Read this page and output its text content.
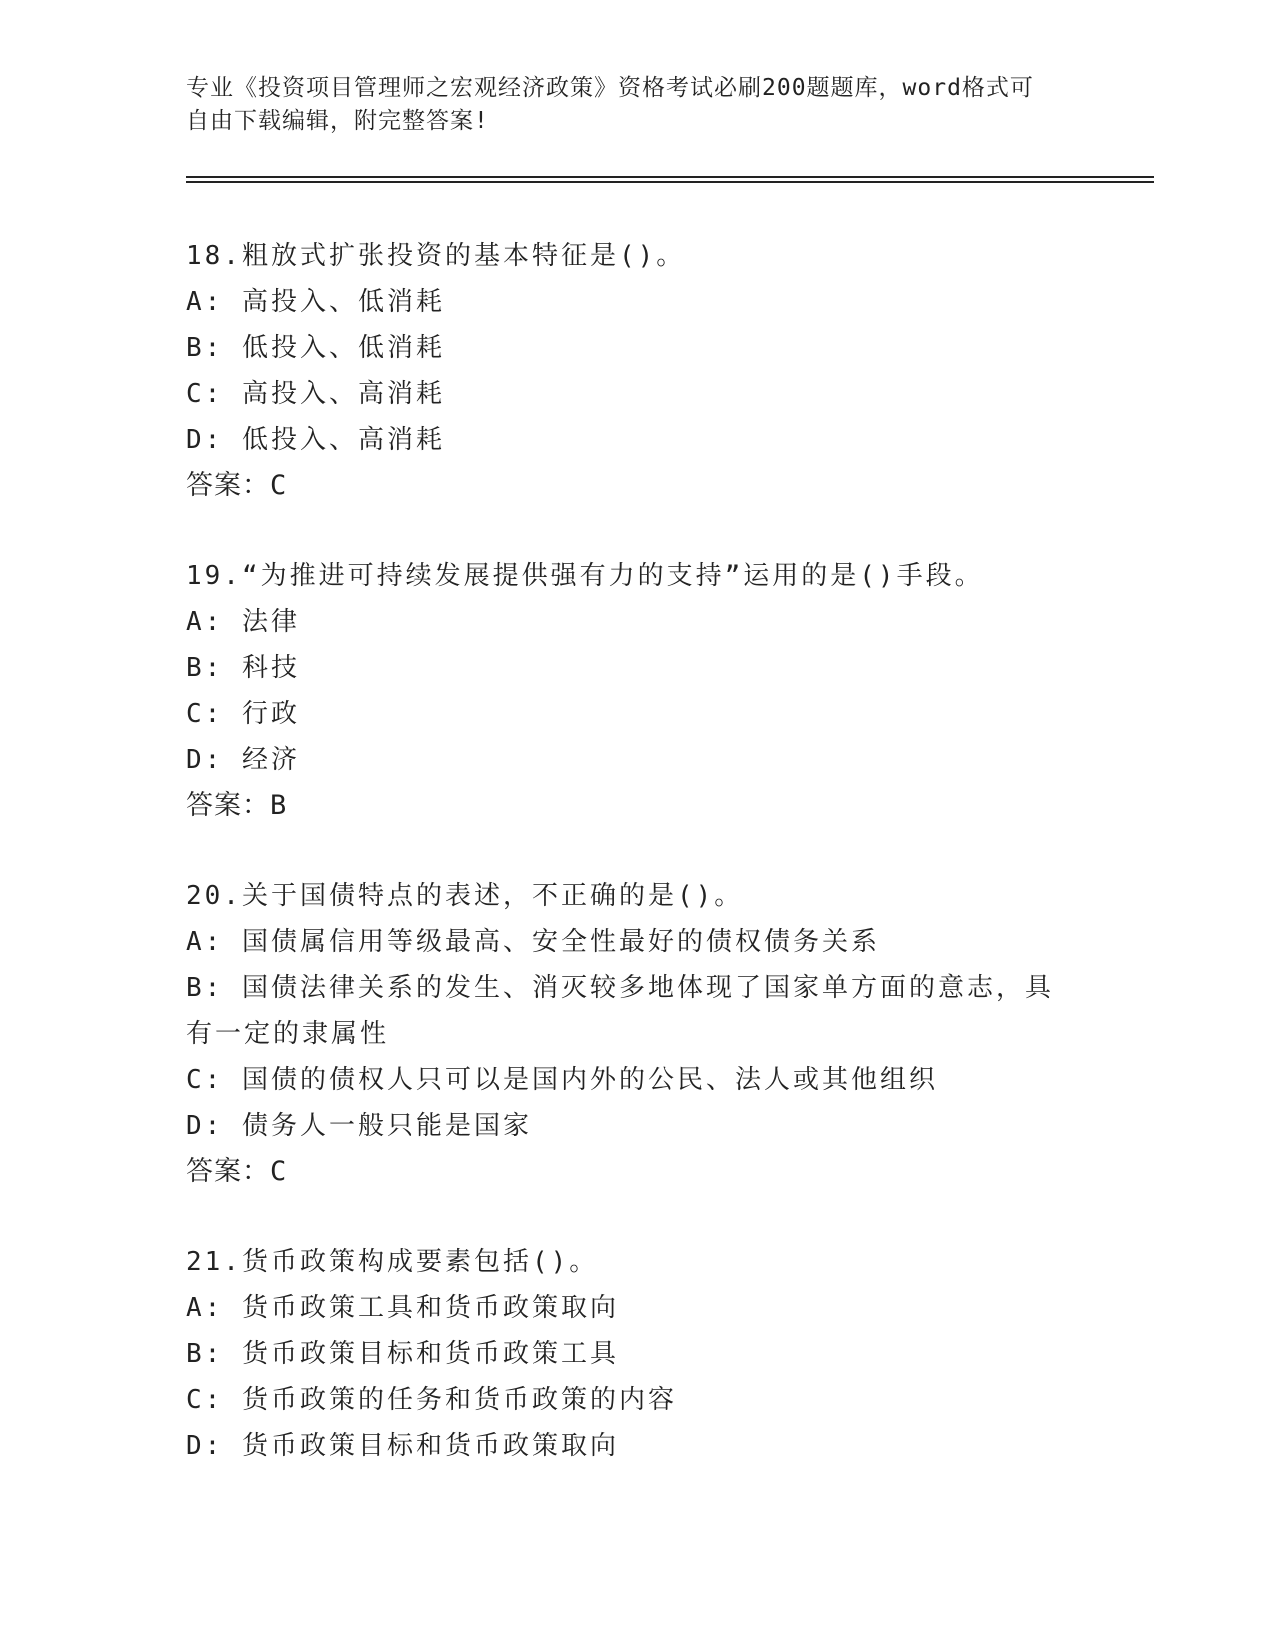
专业《投资项目管理师之宏观经济政策》资格考试必刷200题题库，word格式可
自由下载编辑，附完整答案!
18.粗放式扩张投资的基本特征是()。
A: 高投入、低消耗
B: 低投入、低消耗
C: 高投入、高消耗
D: 低投入、高消耗
答案：C
19.“为推进可持续发展提供强有力的支持”运用的是()手段。
A: 法律
B: 科技
C: 行政
D: 经济
答案：B
20.关于国债特点的表述，不正确的是()。
A: 国债属信用等级最高、安全性最好的债权债务关系
B: 国债法律关系的发生、消灭较多地体现了国家单方面的意志，具有一定的隶属性
C: 国债的债权人只可以是国内外的公民、法人或其他组织
D: 债务人一般只能是国家
答案：C
21.货币政策构成要素包括()。
A: 货币政策工具和货币政策取向
B: 货币政策目标和货币政策工具
C: 货币政策的任务和货币政策的内容
D: 货币政策目标和货币政策取向
